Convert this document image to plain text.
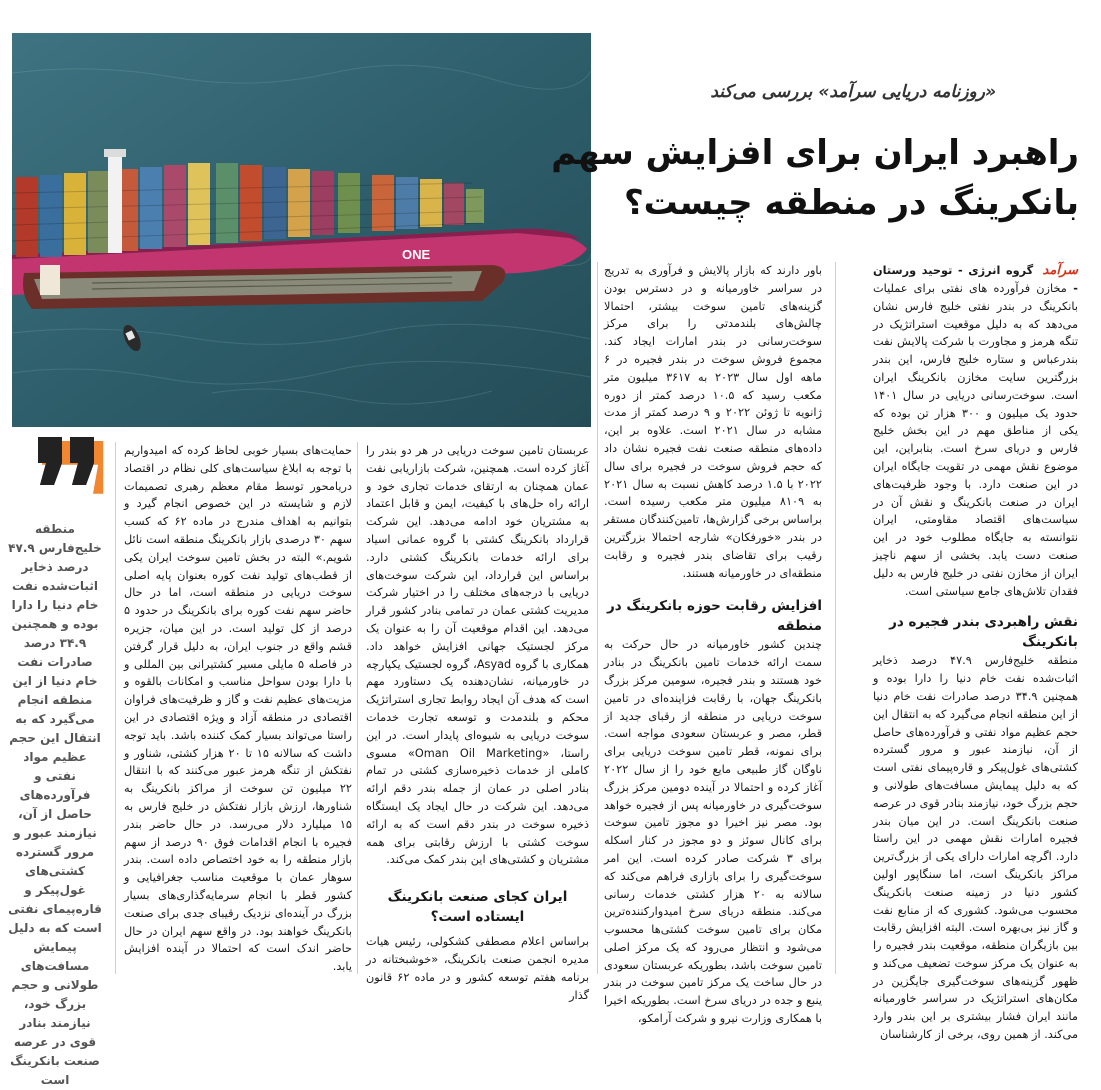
ONE
«روزنامه دریایی سرآمد» بررسی می‌کند
راهبرد ایران برای افزایش سهم
بانکرینگ در منطقه چیست؟

سرآمد گروه انرژی - توحید ورستان - مخازن فرآورده های نفتی برای عملیات بانکرینگ در بندر نفتی خلیج فارس نشان می‌دهد که به دلیل موقعیت استراتژیک در تنگه هرمز و مجاورت با شرکت پالایش نفت بندرعباس و ستاره خلیج فارس، این بندر بزرگترین سایت مخازن بانکرینگ ایران است. سوخت‌رسانی دریایی در سال ۱۴۰۱ حدود یک میلیون و ۳۰۰ هزار تن بوده که یکی از مناطق مهم در این بخش خلیج فارس و دریای سرخ است. بنابراین، این موضوع نقش مهمی در تقویت جایگاه ایران در این صنعت دارد. با وجود ظرفیت‌های ایران در صنعت بانکرینگ و نقش آن در سیاست‌های اقتصاد مقاومتی، ایران نتوانسته به جایگاه مطلوب خود در این صنعت دست یابد. بخشی از سهم ناچیز ایران از مخازن نفتی در خلیج فارس به دلیل فقدان تلاش‌های جامع سیاستی است.

نقش راهبردی بندر فجیره در بانکرینگ

منطقه خلیج‌فارس ۴۷.۹ درصد ذخایر اثبات‌شده نفت خام دنیا را دارا بوده و همچنین ۳۴.۹ درصد صادرات نفت خام دنیا از این منطقه انجام می‌گیرد که به انتقال این حجم عظیم مواد نفتی و فرآورده‌های حاصل از آن، نیازمند عبور و مرور گسترده کشتی‌های غول‌پیکر و قاره‌پیمای نفتی است که به دلیل پیمایش مسافت‌های طولانی و حجم بزرگ خود، نیازمند بنادر قوی در عرصه صنعت بانکرینگ است. در این میان بندر فجیره امارات نقش مهمی در این راستا دارد. اگرچه امارات دارای یکی از بزرگ‌ترین مراکز بانکرینگ است، اما سنگاپور اولین کشور دنیا در زمینه صنعت بانکرینگ محسوب می‌شود. کشوری که از منابع نفت و گاز نیز بی‌بهره است. البته افزایش رقابت بین بازیگران منطقه، موقعیت بندر فجیره را به عنوان یک مرکز سوخت تضعیف می‌کند و ظهور گزینه‌های سوخت‌گیری جایگزین در مکان‌های استراتژیک در سراسر خاورمیانه مانند ایران فشار بیشتری بر این بندر وارد می‌کند. از همین روی، برخی از کارشناسان

باور دارند که بازار پالایش و فرآوری به تدریج در سراسر خاورمیانه و در دسترس بودن گزینه‌های تامین سوخت بیشتر، احتمالا چالش‌های بلندمدتی را برای مرکز سوخت‌رسانی در بندر امارات ایجاد کند. مجموع فروش سوخت در بندر فجیره در ۶ ماهه اول سال ۲۰۲۳ به ۳۶۱۷ میلیون متر مکعب رسید که ۱۰.۵ درصد کمتر از دوره ژانویه تا ژوئن ۲۰۲۲ و ۹ درصد کمتر از مدت مشابه در سال ۲۰۲۱ است. علاوه بر این، داده‌های منطقه صنعت نفت فجیره نشان داد که حجم فروش سوخت در فجیره برای سال ۲۰۲۲ با ۱.۵ درصد کاهش نسبت به سال ۲۰۲۱ به ۸۱۰۹ میلیون متر مکعب رسیده است. براساس برخی گزارش‌ها، تامین‌کنندگان مستقر در بندر «خورفکان» شارجه احتمالا بزرگترین رقیب برای تقاضای بندر فجیره و رقابت منطقه‌ای در خاورمیانه هستند.

افزایش رقابت حوزه بانکرینگ در منطقه

چندین کشور خاورمیانه در حال حرکت به سمت ارائه خدمات تامین بانکرینگ در بنادر خود هستند و بندر فجیره، سومین مرکز بزرگ بانکرینگ جهان، با رقابت فزاینده‌ای در تامین سوخت دریایی در منطقه از رقبای جدید از قطر، مصر و عربستان سعودی مواجه است. برای نمونه، قطر تامین سوخت دریایی برای ناوگان گاز طبیعی مایع خود را از سال ۲۰۲۲ آغاز کرده و احتمالا در آینده دومین مرکز بزرگ سوخت‌گیری در خاورمیانه پس از فجیره خواهد بود. مصر نیز اخیرا دو مجوز تامین سوخت برای کانال سوئز و دو مجوز در کنار اسکله برای ۳ شرکت صادر کرده است. این امر سوخت‌گیری را برای بازاری فراهم می‌کند که سالانه به ۲۰ هزار کشتی خدمات رسانی می‌کند. منطقه دریای سرخ امیدوارکننده‌ترین مکان برای تامین سوخت کشتی‌ها محسوب می‌شود و انتظار می‌رود که یک مرکز اصلی تامین سوخت باشد، بطوریکه عربستان سعودی در حال ساخت یک مرکز تامین سوخت در بندر ینبع و جده در دریای سرخ است. بطوریکه اخیرا با همکاری وزارت نیرو و شرکت آرامکو،

عربستان تامین سوخت دریایی در هر دو بندر را آغاز کرده است. همچنین، شرکت بازاریابی نفت عمان همچنان به ارتقای خدمات تجاری خود و ارائه راه حل‌های با کیفیت، ایمن و قابل اعتماد به مشتریان خود ادامه می‌دهد. این شرکت قرارداد بانکرینگ کشتی با گروه عمانی اسیاد برای ارائه خدمات بانکرینگ کشتی دارد. براساس این قرارداد، این شرکت سوخت‌های دریایی با درجه‌های مختلف را در اختیار شرکت مدیریت کشتی عمان در تمامی بنادر کشور قرار می‌دهد. این اقدام موقعیت آن را به عنوان یک مرکز لجستیک جهانی افزایش خواهد داد. همکاری با گروه Asyad، گروه لجستیک یکپارچه در خاورمیانه، نشان‌دهنده یک دستاورد مهم است که هدف آن ایجاد روابط تجاری استراتژیک محکم و بلندمدت و توسعه تجارت خدمات سوخت دریایی به شیوه‌ای پایدار است. در این راستا، «Oman Oil Marketing» مسوی کاملی از خدمات ذخیره‌سازی کشتی در تمام بنادر اصلی در عمان از جمله بندر دقم ارائه می‌دهد. این شرکت در حال ایجاد یک ایستگاه ذخیره سوخت در بندر دقم است که به ارائه سوخت کشتی با ارزش رقابتی برای همه مشتریان و کشتی‌های این بندر کمک می‌کند.

ایران کجای صنعت بانکرینگ ایستاده است؟

براساس اعلام مصطفی کشکولی، رئیس هیات مدیره انجمن صنعت بانکرینگ، «خوشبختانه در برنامه هفتم توسعه کشور و در ماده ۶۲ قانون گذار

حمایت‌های بسیار خوبی لحاظ کرده که امیدواریم با توجه به ابلاغ سیاست‌های کلی نظام در اقتصاد دریامحور توسط مقام معظم رهبری تصمیمات لازم و شایسته در این خصوص انجام گیرد و بتوانیم به اهداف مندرج در ماده ۶۲ که کسب سهم ۳۰ درصدی بازار بانکرینگ منطقه است نائل شویم.» البته در بخش تامین سوخت ایران یکی از قطب‌های تولید نفت کوره بعنوان پایه اصلی سوخت دریایی در منطقه است، اما در حال حاضر سهم نفت کوره برای بانکرینگ در حدود ۵ درصد از کل تولید است. در این میان، جزیره قشم واقع در جنوب ایران، به دلیل قرار گرفتن در فاصله ۵ مایلی مسیر کشتیرانی بین المللی و با دارا بودن سواحل مناسب و امکانات بالقوه و مزیت‌های عظیم نفت و گاز و ظرفیت‌های فراوان اقتصادی در منطقه آزاد و ویژه اقتصادی در این راستا می‌تواند بسیار کمک کننده باشد. باید توجه داشت که سالانه ۱۵ تا ۲۰ هزار کشتی، شناور و نفتکش از تنگه هرمز عبور می‌کنند که با انتقال ۲۲ میلیون تن سوخت از مراکز بانکرینگ به شناورها، ارزش بازار نفتکش در خلیج فارس به ۱۵ میلیارد دلار می‌رسد. در حال حاضر بندر فجیره با انجام اقدامات فوق ۹۰ درصد از سهم بازار منطقه را به خود اختصاص داده است. بندر سوهار عمان با موقعیت مناسب جغرافیایی و کشور قطر با انجام سرمایه‌گذاری‌های بسیار بزرگ در آینده‌ای نزدیک رقیبای جدی برای صنعت بانکرینگ خواهند بود. در واقع سهم ایران در حال حاضر اندک است که احتمالا در آینده افزایش یابد.

منطقه خلیج‌فارس ۴۷.۹ درصد ذخایر اثبات‌شده نفت خام دنیا را دارا بوده و همچنین ۳۴.۹ درصد صادرات نفت خام دنیا از این منطقه انجام می‌گیرد که به انتقال این حجم عظیم مواد نفتی و فرآورده‌های حاصل از آن، نیازمند عبور و مرور گسترده کشتی‌های غول‌پیکر و قاره‌پیمای نفتی است که به دلیل پیمایش مسافت‌های طولانی و حجم بزرگ خود، نیازمند بنادر قوی در عرصه صنعت بانکرینگ است
